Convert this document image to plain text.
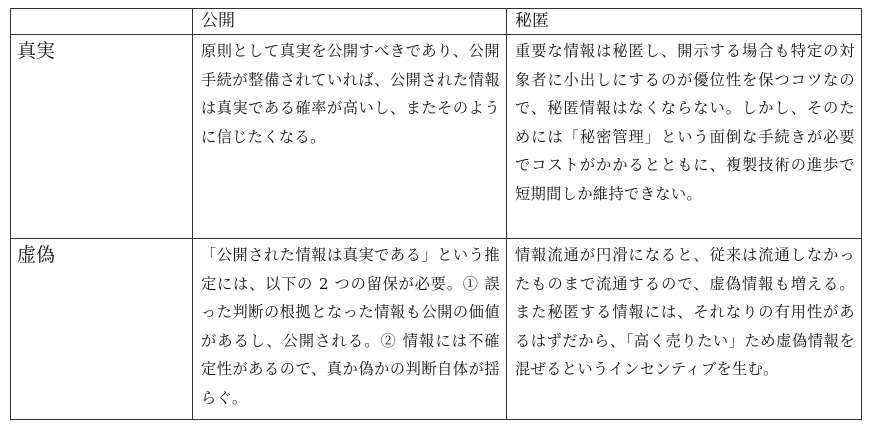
	公開	秘匿

真実	原則として真実を公開すべきであり、公開手続が整備されていれば、公開された情報は真実である確率が高いし、またそのように信じたくなる。	重要な情報は秘匿し、開示する場合も特定の対象者に小出しにするのが優位性を保つコツなので、秘匿情報はなくならない。しかし、そのためには「秘密管理」という面倒な手続きが必要でコストがかかるとともに、複製技術の進歩で短期間しか維持できない。

虚偽	「公開された情報は真実である」という推定には、以下の 2 つの留保が必要。① 誤った判断の根拠となった情報も公開の価値があるし、公開される。② 情報には不確定性があるので、真か偽かの判断自体が揺らぐ。	情報流通が円滑になると、従来は流通しなかったものまで流通するので、虚偽情報も増える。また秘匿する情報には、それなりの有用性があるはずだから、「高く売りたい」ため虚偽情報を混ぜるというインセンティブを生む。
